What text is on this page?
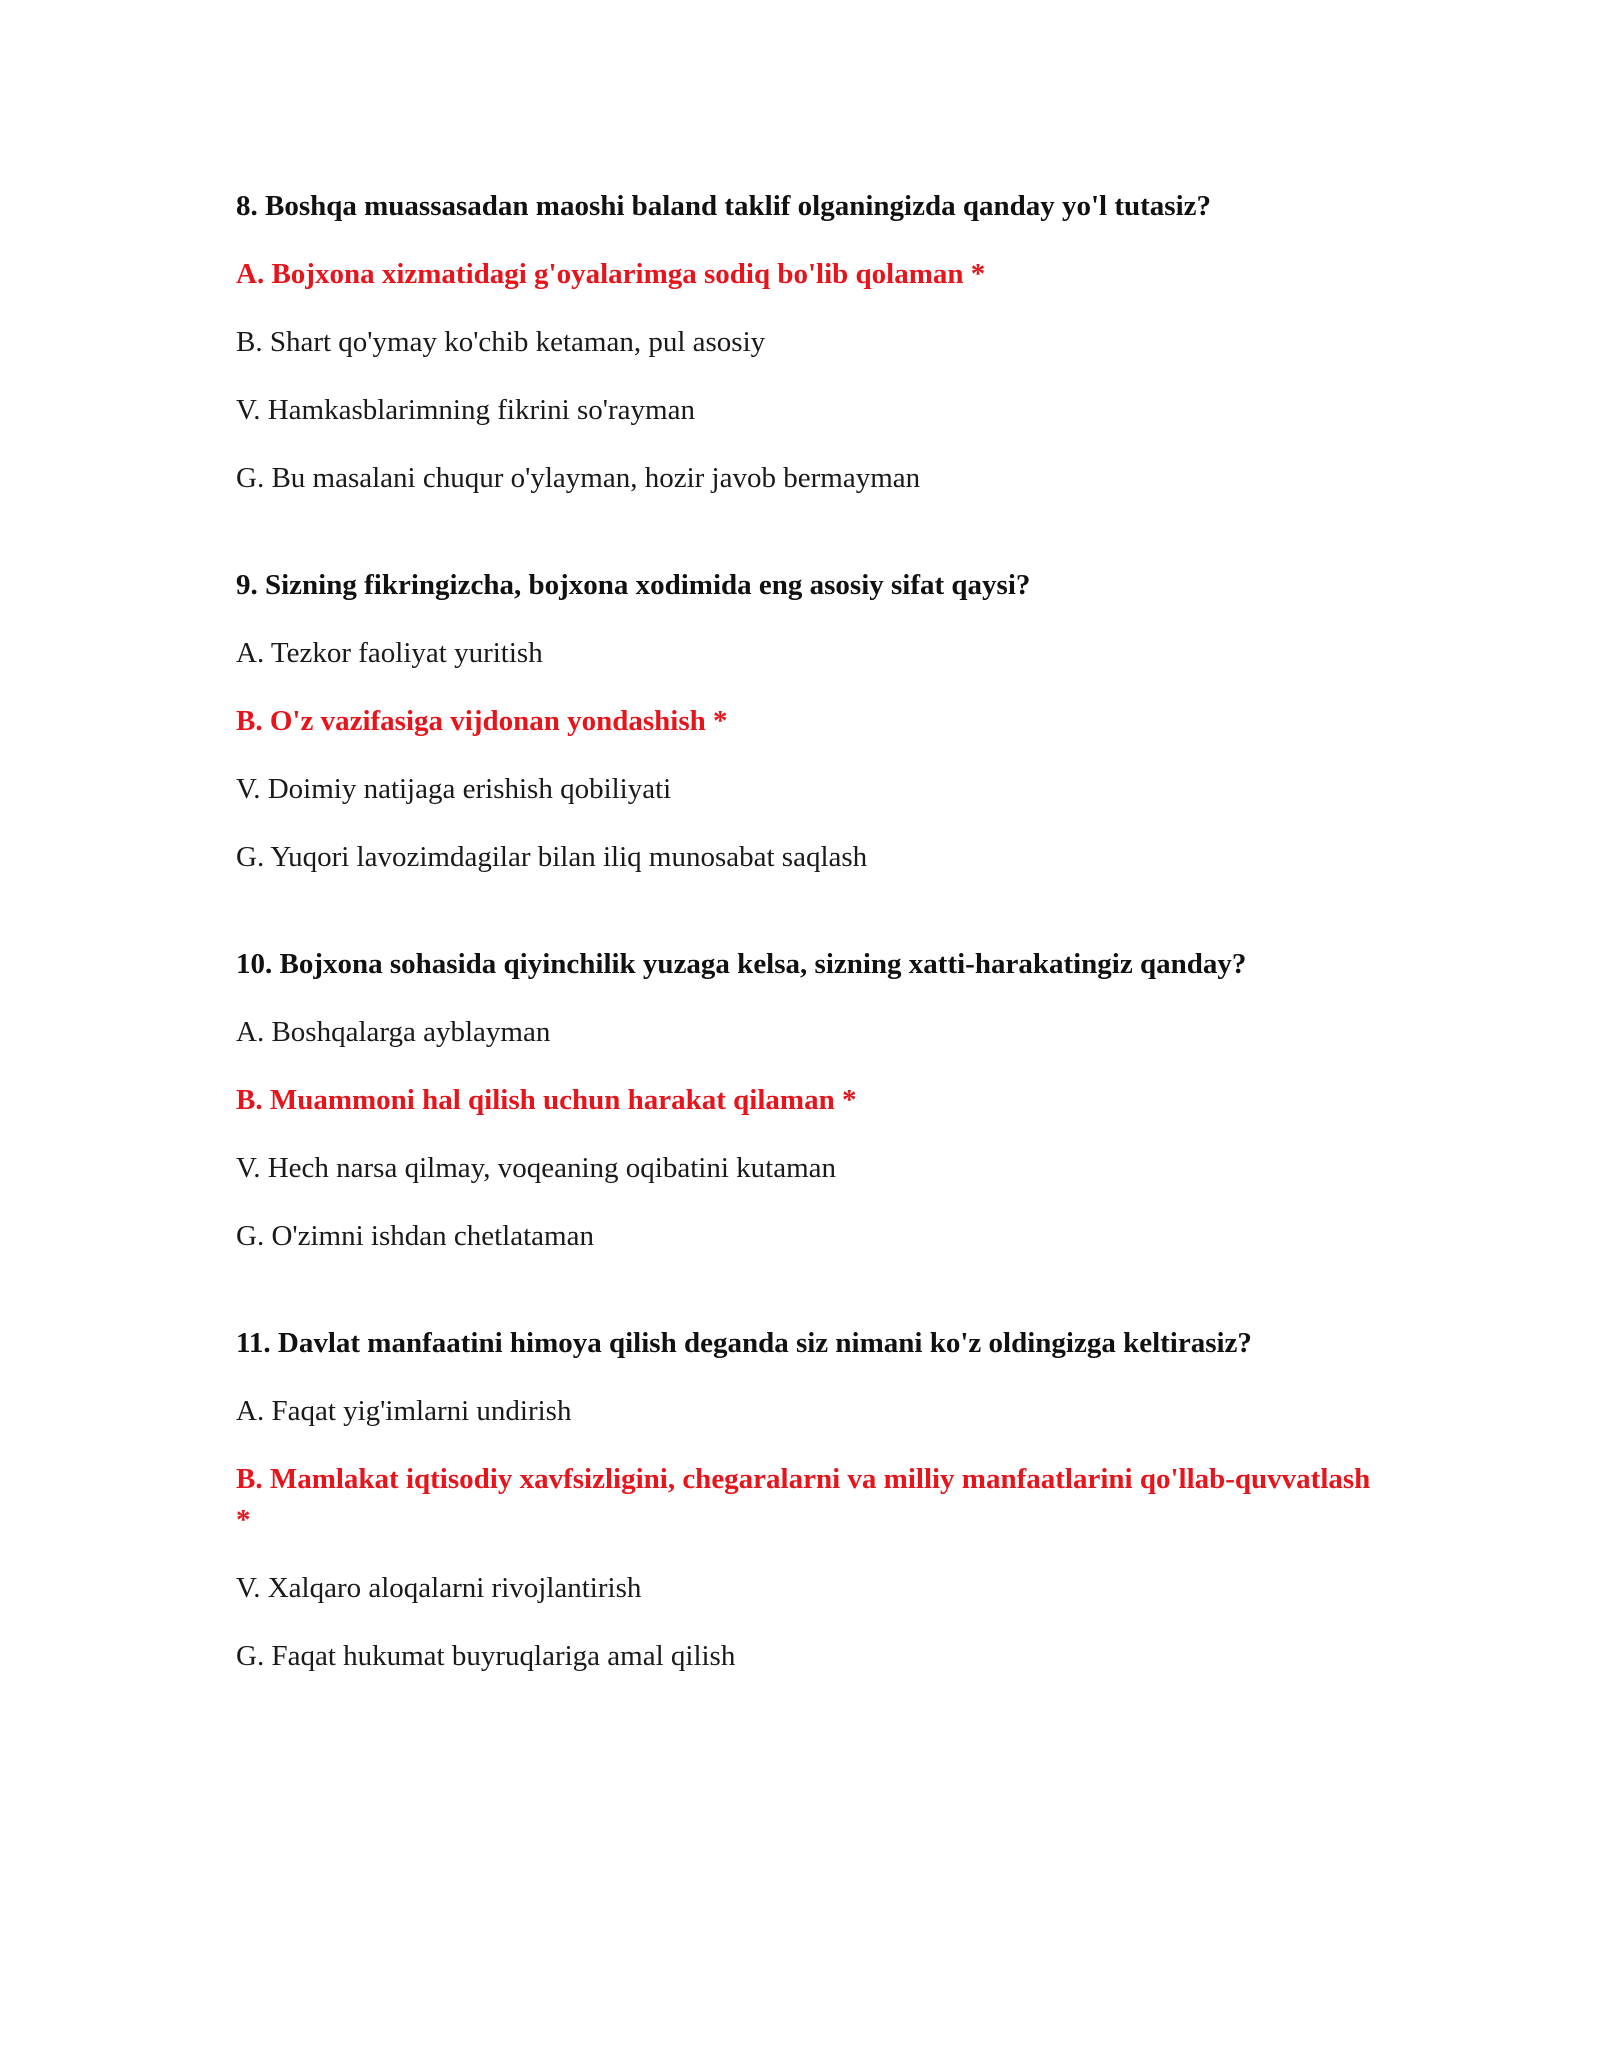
8. Boshqa muassasadan maoshi baland taklif olganingizda qanday yo'l tutasiz?
A. Bojxona xizmatidagi g'oyalarimga sodiq bo'lib qolaman *
B. Shart qo'ymay ko'chib ketaman, pul asosiy
V. Hamkasblarimning fikrini so'rayman
G. Bu masalani chuqur o'ylayman, hozir javob bermayman
9. Sizning fikringizcha, bojxona xodimida eng asosiy sifat qaysi?
A. Tezkor faoliyat yuritish
B. O'z vazifasiga vijdonan yondashish *
V. Doimiy natijaga erishish qobiliyati
G. Yuqori lavozimdagilar bilan iliq munosabat saqlash
10. Bojxona sohasida qiyinchilik yuzaga kelsa, sizning xatti-harakatingiz qanday?
A. Boshqalarga ayblayman
B. Muammoni hal qilish uchun harakat qilaman *
V. Hech narsa qilmay, voqeaning oqibatini kutaman
G. O'zimni ishdan chetlataman
11. Davlat manfaatini himoya qilish deganda siz nimani ko'z oldingizga keltirasiz?
A. Faqat yig'imlarni undirish
B. Mamlakat iqtisodiy xavfsizligini, chegaralarni va milliy manfaatlarini qo'llab-quvvatlash *
V. Xalqaro aloqalarni rivojlantirish
G. Faqat hukumat buyruqlariga amal qilish
